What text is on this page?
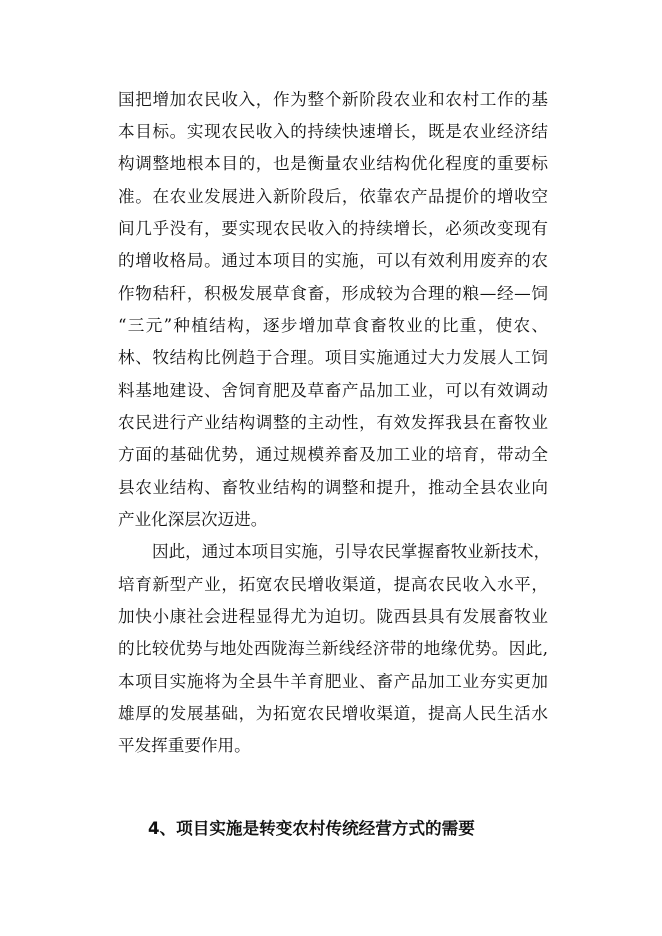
国把增加农民收入，作为整个新阶段农业和农村工作的基

本目标。实现农民收入的持续快速增长，既是农业经济结

构调整地根本目的，也是衡量农业结构优化程度的重要标

准。在农业发展进入新阶段后，依靠农产品提价的增收空

间几乎没有，要实现农民收入的持续增长，必须改变现有

的增收格局。通过本项目的实施，可以有效利用废弃的农

作物秸秆，积极发展草食畜，形成较为合理的粮—经—饲

“三元”种植结构，逐步增加草食畜牧业的比重，使农、

林、牧结构比例趋于合理。项目实施通过大力发展人工饲

料基地建设、舍饲育肥及草畜产品加工业，可以有效调动

农民进行产业结构调整的主动性，有效发挥我县在畜牧业

方面的基础优势，通过规模养畜及加工业的培育，带动全

县农业结构、畜牧业结构的调整和提升，推动全县农业向

产业化深层次迈进。

因此，通过本项目实施，引导农民掌握畜牧业新技术，

培育新型产业，拓宽农民增收渠道，提高农民收入水平，

加快小康社会进程显得尤为迫切。陇西县具有发展畜牧业

的比较优势与地处西陇海兰新线经济带的地缘优势。因此,

本项目实施将为全县牛羊育肥业、畜产品加工业夯实更加

雄厚的发展基础，为拓宽农民增收渠道，提高人民生活水

平发挥重要作用。

4、项目实施是转变农村传统经营方式的需要
